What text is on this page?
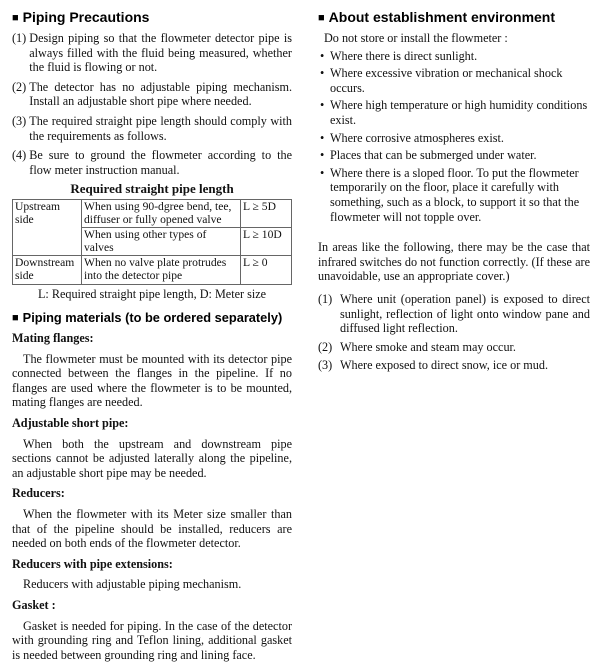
■ Piping Precautions
(1) Design piping so that the flowmeter detector pipe is always filled with the fluid being measured, whether the fluid is flowing or not.
(2) The detector has no adjustable piping mechanism. Install an adjustable short pipe where needed.
(3) The required straight pipe length should comply with the requirements as follows.
(4) Be sure to ground the flowmeter according to the flow meter instruction manual.
Required straight pipe length
Upstream side	When using 90-dgree bend, tee, diffuser or fully opened valve	L ≥ 5D
	When using other types of valves	L ≥ 10D
Downstream side	When no valve plate protrudes into the detector pipe	L ≥ 0
L: Required straight pipe length, D: Meter size
■ Piping materials (to be ordered separately)
Mating flanges:
The flowmeter must be mounted with its detector pipe connected between the flanges in the pipeline. If no flanges are used where the flowmeter is to be mounted, mating flanges are needed.
Adjustable short pipe:
When both the upstream and downstream pipe sections cannot be adjusted laterally along the pipeline, an adjustable short pipe may be needed.
Reducers:
When the flowmeter with its Meter size smaller than that of the pipeline should be installed, reducers are needed on both ends of the flowmeter detector.
Reducers with pipe extensions:
Reducers with adjustable piping mechanism.
Gasket :
Gasket is needed for piping. In the case of the detector with grounding ring and Teflon lining, additional gasket is needed between grounding ring and lining face.
■ About establishment environment
Do not store or install the flowmeter :
• Where there is direct sunlight.
• Where excessive vibration or mechanical shock occurs.
• Where high temperature or high humidity conditions exist.
• Where corrosive atmospheres exist.
• Places that can be submerged under water.
• Where there is a sloped floor. To put the flowmeter temporarily on the floor, place it carefully with something, such as a block, to support it so that the flowmeter will not topple over.
In areas like the following, there may be the case that infrared switches do not function correctly. (If these are unavoidable, use an appropriate cover.)
(1) Where unit (operation panel) is exposed to direct sunlight, reflection of light onto window pane and diffused light reflection.
(2) Where smoke and steam may occur.
(3) Where exposed to direct snow, ice or mud.
